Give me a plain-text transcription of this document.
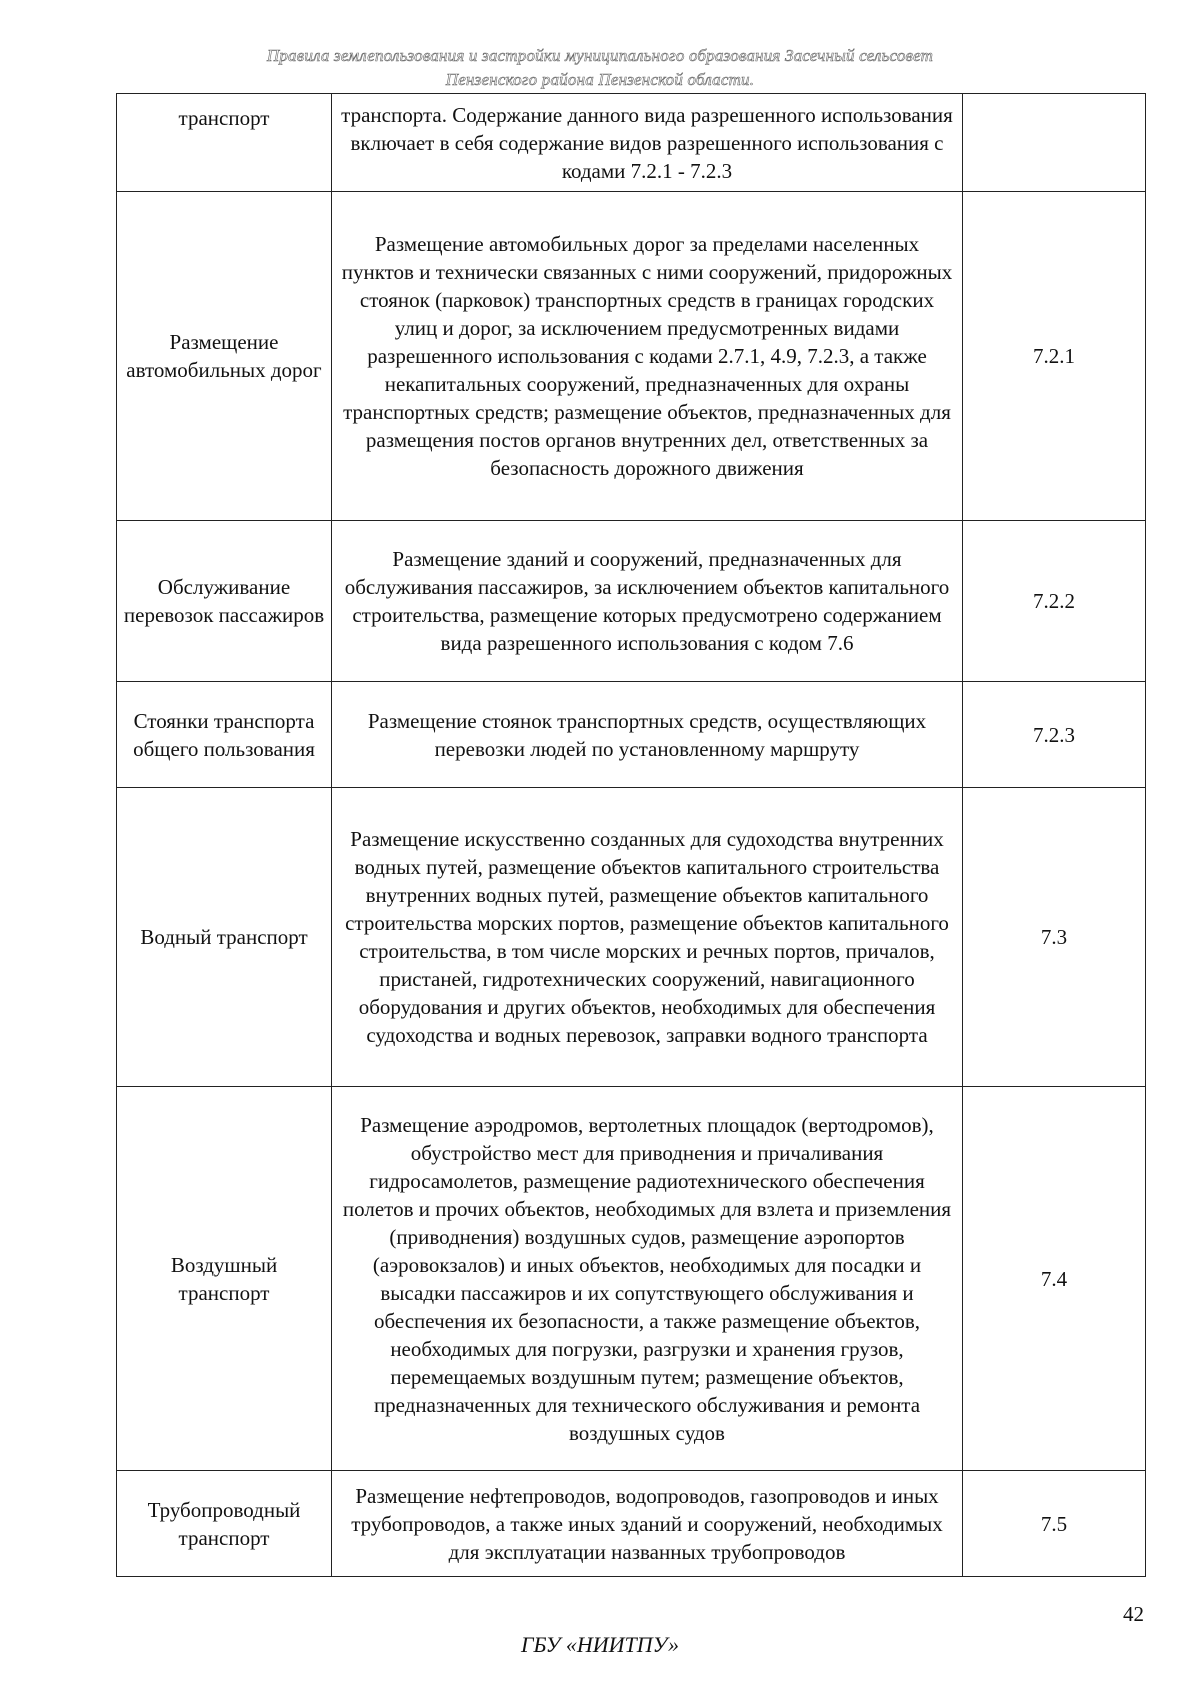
Правила землепользования и застройки муниципального образования Засечный сельсовет
Пензенского района Пензенской области.
транспорт	транспорта. Содержание данного вида разрешенного использования включает в себя содержание видов разрешенного использования с кодами 7.2.1 - 7.2.3	
Размещение автомобильных дорог	Размещение автомобильных дорог за пределами населенных пунктов и технически связанных с ними сооружений, придорожных стоянок (парковок) транспортных средств в границах городских улиц и дорог, за исключением предусмотренных видами разрешенного использования с кодами 2.7.1, 4.9, 7.2.3, а также некапитальных сооружений, предназначенных для охраны транспортных средств; размещение объектов, предназначенных для размещения постов органов внутренних дел, ответственных за безопасность дорожного движения	7.2.1
Обслуживание перевозок пассажиров	Размещение зданий и сооружений, предназначенных для обслуживания пассажиров, за исключением объектов капитального строительства, размещение которых предусмотрено содержанием вида разрешенного использования с кодом 7.6	7.2.2
Стоянки транспорта общего пользования	Размещение стоянок транспортных средств, осуществляющих перевозки людей по установленному маршруту	7.2.3
Водный транспорт	Размещение искусственно созданных для судоходства внутренних водных путей, размещение объектов капитального строительства внутренних водных путей, размещение объектов капитального строительства морских портов, размещение объектов капитального строительства, в том числе морских и речных портов, причалов, пристаней, гидротехнических сооружений, навигационного оборудования и других объектов, необходимых для обеспечения судоходства и водных перевозок, заправки водного транспорта	7.3
Воздушный транспорт	Размещение аэродромов, вертолетных площадок (вертодромов), обустройство мест для приводнения и причаливания гидросамолетов, размещение радиотехнического обеспечения полетов и прочих объектов, необходимых для взлета и приземления (приводнения) воздушных судов, размещение аэропортов (аэровокзалов) и иных объектов, необходимых для посадки и высадки пассажиров и их сопутствующего обслуживания и обеспечения их безопасности, а также размещение объектов, необходимых для погрузки, разгрузки и хранения грузов, перемещаемых воздушным путем; размещение объектов, предназначенных для технического обслуживания и ремонта воздушных судов	7.4
Трубопроводный транспорт	Размещение нефтепроводов, водопроводов, газопроводов и иных трубопроводов, а также иных зданий и сооружений, необходимых для эксплуатации названных трубопроводов	7.5
42
ГБУ «НИИТПУ»
